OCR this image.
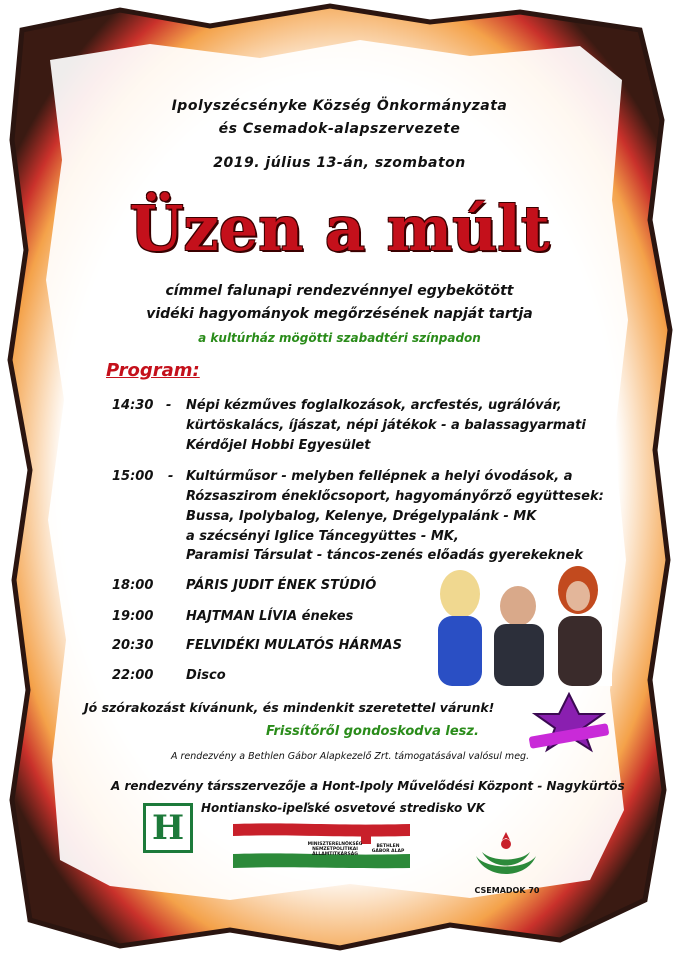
Ipolyszécsényke Község Önkormányzata
és Csemadok-alapszervezete
2019. július 13-án, szombaton
Üzen a múlt
címmel falunapi rendezvénnyel egybekötött
vidéki hagyományok megőrzésének napját tartja
a kultúrház mögötti szabadtéri színpadon
Program:
14:30 - Népi kézműves foglalkozások, arcfestés, ugrálóvár,
kürtöskalács, íjászat, népi játékok - a balassagyarmati
Kérdőjel Hobbi Egyesület
15:00 - Kultúrműsor - melyben fellépnek a helyi óvodások, a
Rózsaszirom éneklőcsoport, hagyományőrző együttesek:
Bussa, Ipolybalog, Kelenye, Drégelypalánk - MK
a szécsényi Iglice Táncegyüttes - MK,
Paramisi Társulat - táncos-zenés előadás gyerekeknek
18:00	PÁRIS JUDIT ÉNEK STÚDIÓ
19:00	HAJTMAN LÍVIA énekes
20:30	FELVIDÉKI MULATÓS HÁRMAS
22:00	Disco
Jó szórakozást kívánunk, és mindenkit szeretettel várunk!
Frissítőről gondoskodva lesz.
A rendezvény a Bethlen Gábor Alapkezelő Zrt. támogatásával valósul meg.
A rendezvény társszervezője a Hont-Ipoly Művelődési Központ - Nagykürtös
Hontiansko-ipeľské osvetové stredisko VK
H	MINISZTERELNÖKSÉG NEMZETPOLITIKAI ÁLLAMTITKÁRSÁG
BETHLEN GÁBOR ALAP
CSEMADOK 70
